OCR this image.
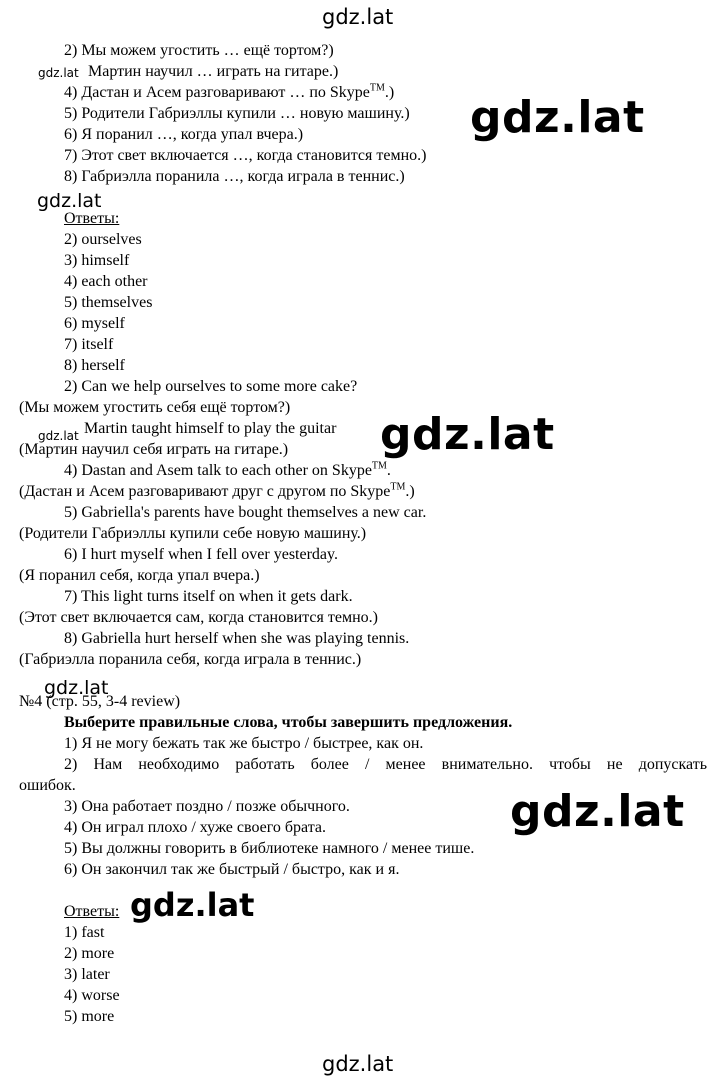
gdz.lat
gdz.lat
gdz.lat
gdz.lat
gdz.lat	gdz.lat
gdz.lat
gdz.lat
gdz.lat
gdz.lat
2) Мы можем угостить … ещё тортом?)
Мартин научил … играть на гитаре.)
4) Дастан и Асем разговаривают … по Skype™.)
5) Родители Габриэллы купили … новую машину.)
6) Я поранил …, когда упал вчера.)
7) Этот свет включается …, когда становится темно.)
8) Габриэлла поранила …, когда играла в теннис.)
Ответы:
2) ourselves
3) himself
4) each other
5) themselves
6) myself
7) itself
8) herself
2) Can we help ourselves to some more cake?
(Мы можем угостить себя ещё тортом?)
Martin taught himself to play the guitar
(Мартин научил себя играть на гитаре.)
4) Dastan and Asem talk to each other on Skype™.
(Дастан и Асем разговаривают друг с другом по Skype™.)
5) Gabriella's parents have bought themselves a new car.
(Родители Габриэллы купили себе новую машину.)
6) I hurt myself when I fell over yesterday.
(Я поранил себя, когда упал вчера.)
7) This light turns itself on when it gets dark.
(Этот свет включается сам, когда становится темно.)
8) Gabriella hurt herself when she was playing tennis.
(Габриэлла поранила себя, когда играла в теннис.)
№4 (стр. 55, 3-4 review)
Выберите правильные слова, чтобы завершить предложения.
1) Я не могу бежать так же быстро / быстрее, как он.
2) Нам необходимо работать более / менее внимательно. чтобы не допускать
ошибок.
3) Она работает поздно / позже обычного.
4) Он играл плохо / хуже своего брата.
5) Вы должны говорить в библиотеке намного / менее тише.
6) Он закончил так же быстрый / быстро, как и я.
Ответы:
1) fast
2) more
3) later
4) worse
5) more
